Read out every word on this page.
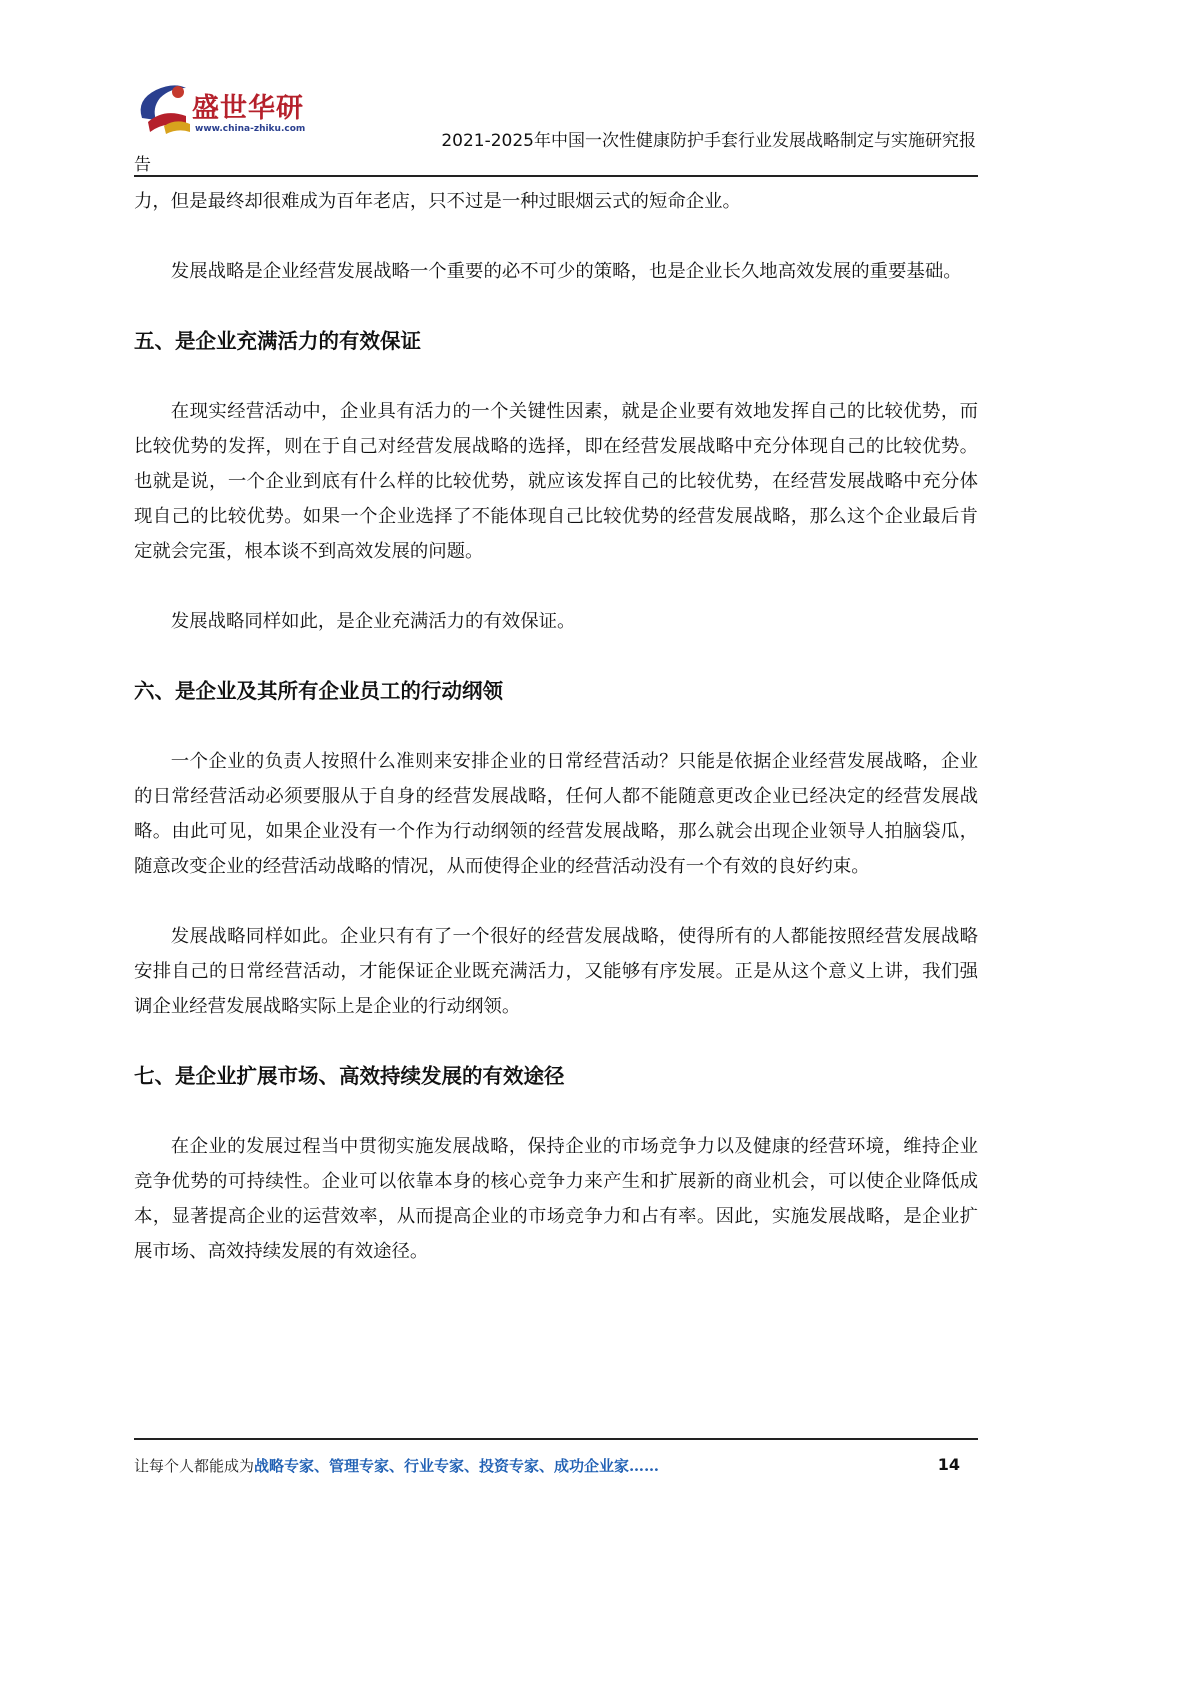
盛世华研
www.china-zhiku.com
2021-2025年中国一次性健康防护手套行业发展战略制定与实施研究报
告

力，但是最终却很难成为百年老店，只不过是一种过眼烟云式的短命企业。

发展战略是企业经营发展战略一个重要的必不可少的策略，也是企业长久地高效发展的重要基础。

五、是企业充满活力的有效保证

在现实经营活动中，企业具有活力的一个关键性因素，就是企业要有效地发挥自己的比较优势，而比较优势的发挥，则在于自己对经营发展战略的选择，即在经营发展战略中充分体现自己的比较优势。也就是说，一个企业到底有什么样的比较优势，就应该发挥自己的比较优势，在经营发展战略中充分体现自己的比较优势。如果一个企业选择了不能体现自己比较优势的经营发展战略，那么这个企业最后肯定就会完蛋，根本谈不到高效发展的问题。

发展战略同样如此，是企业充满活力的有效保证。

六、是企业及其所有企业员工的行动纲领

一个企业的负责人按照什么准则来安排企业的日常经营活动？只能是依据企业经营发展战略，企业的日常经营活动必须要服从于自身的经营发展战略，任何人都不能随意更改企业已经决定的经营发展战略。由此可见，如果企业没有一个作为行动纲领的经营发展战略，那么就会出现企业领导人拍脑袋瓜，随意改变企业的经营活动战略的情况，从而使得企业的经营活动没有一个有效的良好约束。

发展战略同样如此。企业只有有了一个很好的经营发展战略，使得所有的人都能按照经营发展战略安排自己的日常经营活动，才能保证企业既充满活力，又能够有序发展。正是从这个意义上讲，我们强调企业经营发展战略实际上是企业的行动纲领。

七、是企业扩展市场、高效持续发展的有效途径

在企业的发展过程当中贯彻实施发展战略，保持企业的市场竞争力以及健康的经营环境，维持企业竞争优势的可持续性。企业可以依靠本身的核心竞争力来产生和扩展新的商业机会，可以使企业降低成本，显著提高企业的运营效率，从而提高企业的市场竞争力和占有率。因此，实施发展战略，是企业扩展市场、高效持续发展的有效途径。

让每个人都能成为战略专家、管理专家、行业专家、投资专家、成功企业家……	14
